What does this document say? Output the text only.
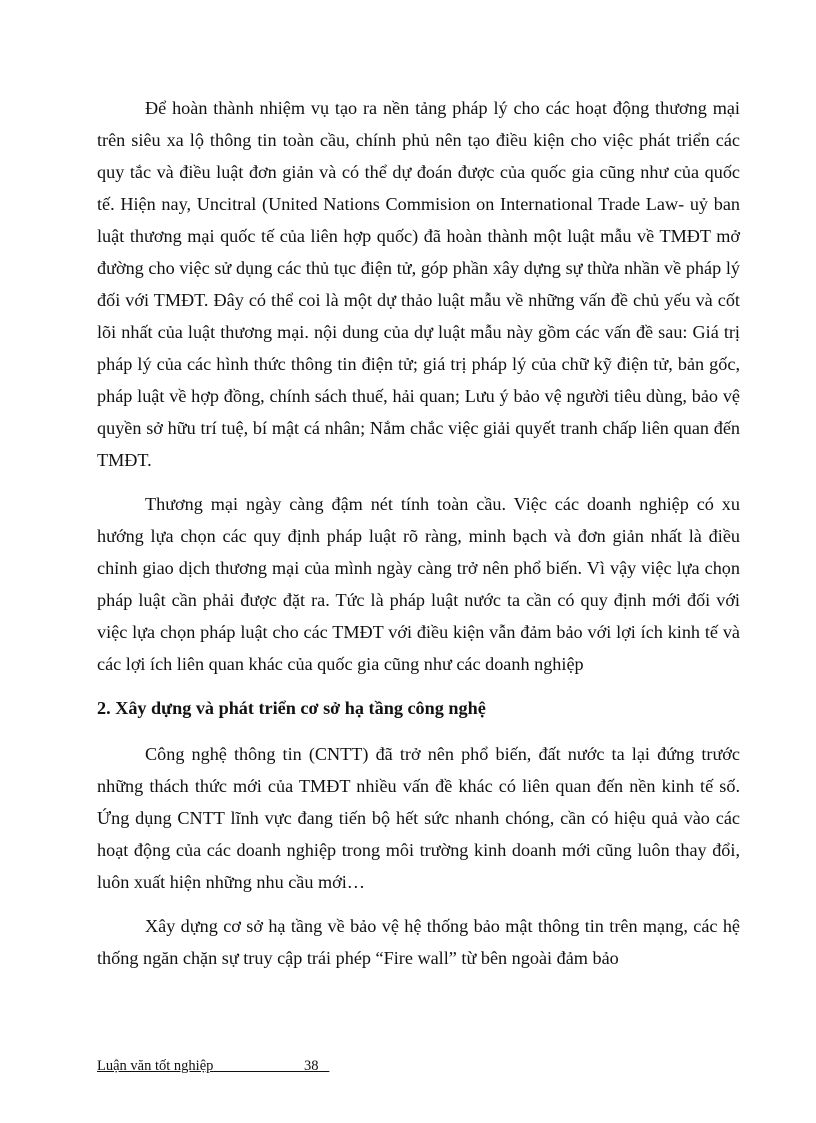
Để hoàn thành nhiệm vụ tạo ra nền tảng pháp lý cho các hoạt động thương mại trên siêu xa lộ thông tin toàn cầu, chính phủ nên tạo điều kiện cho việc phát triển các quy tắc và điều luật đơn giản và có thể dự đoán được của quốc gia cũng như của quốc tế. Hiện nay, Uncitral (United Nations Commision on International Trade Law- uỷ ban luật thương mại quốc tế của liên hợp quốc) đã hoàn thành một luật mẫu về TMĐT mở đường cho việc sử dụng các thủ tục điện tử, góp phần xây dựng sự thừa nhần về pháp lý đối với TMĐT. Đây có thể coi là một dự thảo luật mẫu về những vấn đề chủ yếu và cốt lõi nhất của luật thương mại. nội dung của dự luật mẫu này gồm các vấn đề sau: Giá trị pháp lý của các hình thức thông tin điện tử; giá trị pháp lý của chữ kỹ điện tử, bản gốc, pháp luật về hợp đồng, chính sách thuế, hải quan; Lưu ý bảo vệ người tiêu dùng, bảo vệ quyền sở hữu trí tuệ, bí mật cá nhân; Nắm chắc việc giải quyết tranh chấp liên quan đến TMĐT.

Thương mại ngày càng đậm nét tính toàn cầu. Việc các doanh nghiệp có xu hướng lựa chọn các quy định pháp luật rõ ràng, minh bạch và đơn giản nhất là điều chỉnh giao dịch thương mại của mình ngày càng trở nên phổ biến. Vì vậy việc lựa chọn pháp luật cần phải được đặt ra. Tức là pháp luật nước ta cần có quy định mới đối với việc lựa chọn pháp luật cho các TMĐT với điều kiện vẫn đảm bảo với lợi ích kinh tế và các lợi ích liên quan khác của quốc gia cũng như các doanh nghiệp

2. Xây dựng và phát triển cơ sở hạ tầng công nghệ

Công nghệ thông tin (CNTT) đã trở nên phổ biến, đất nước ta lại đứng trước những thách thức mới của TMĐT nhiều vấn đề khác có liên quan đến nền kinh tế số. Ứng dụng CNTT lĩnh vực đang tiến bộ hết sức nhanh chóng, cần có hiệu quả vào các hoạt động của các doanh nghiệp trong môi trường kinh doanh mới cũng luôn thay đổi, luôn xuất hiện những nhu cầu mới…

Xây dựng cơ sở hạ tầng về bảo vệ hệ thống bảo mật thông tin trên mạng, các hệ thống ngăn chặn sự truy cập trái phép “Fire wall” từ bên ngoài đảm bảo

Luận văn tốt nghiệp	38
